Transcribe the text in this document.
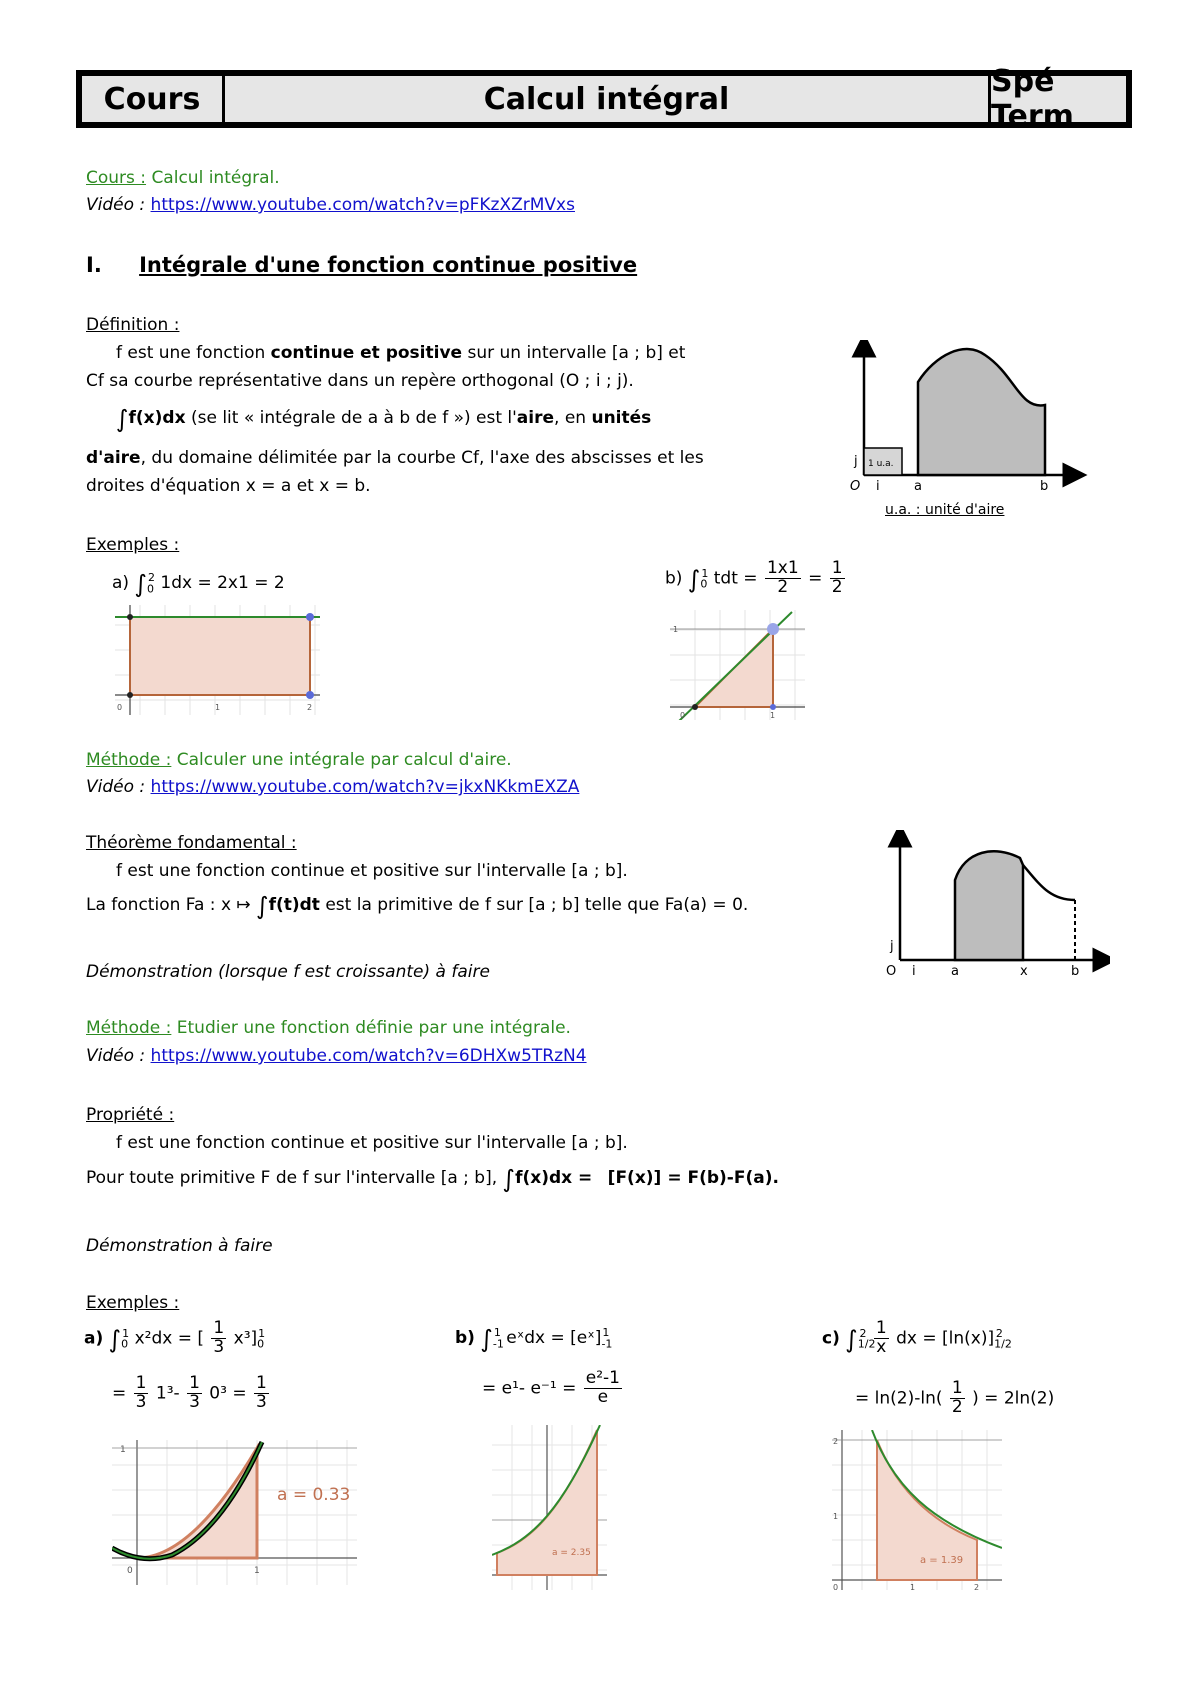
Cours	Calcul intégral	Spé Term
Cours : Calcul intégral.
Vidéo : https://www.youtube.com/watch?v=pFKzXZrMVxs
I. Intégrale d'une fonction continue positive
Définition :
f est une fonction continue et positive sur un intervalle [a ; b] et
Cf sa courbe représentative dans un repère orthogonal (O ; i ; j).
∫f(x)dx (se lit « intégrale de a à b de f ») est l'aire, en unités
d'aire, du domaine délimitée par la courbe Cf, l'axe des abscisses et les
droites d'équation x = a et x = b.
1 u.a.
O
j
i	a	b
u.a. : unité d'aire
Exemples :
a) $\int_0^2$ 1dx = 2x1 = 2	b) $\int_0^1$ tdt = $\frac{1x1}{2} = \frac{1}{2}$
0	1	2
0
1
1
Méthode : Calculer une intégrale par calcul d'aire.
Vidéo : https://www.youtube.com/watch?v=jkxNKkmEXZA
Théorème fondamental :
f est une fonction continue et positive sur l'intervalle [a ; b].
La fonction Fa : x ↦ ∫f(t)dt est la primitive de f sur [a ; b] telle que Fa(a) = 0.
O
j
i	a	x	b
Démonstration (lorsque f est croissante) à faire
Méthode : Etudier une fonction définie par une intégrale.
Vidéo : https://www.youtube.com/watch?v=6DHXw5TRzN4
Propriété :
f est une fonction continue et positive sur l'intervalle [a ; b].
Pour toute primitive F de f sur l'intervalle [a ; b], ∫f(x)dx = [F(x)] = F(b)-F(a).
Démonstration à faire
Exemples :
a) $\int_0^1$ x²dx = [ $\frac{1}{3} x^3]_0^1$
= $\frac{1}{3} 1^3- \frac{1}{3} 0^3 = \frac{1}{3}$
b) $\int_{-1}^1$ eˣdx = $[eˣ]_{-1}^1$
= e¹- $e^{-1} = \frac{\text{e²-1}}{e}$
c) $\int_{1/2}^2 \frac{1}{x}$ dx = $[\ln(x)]_{1/2}^2$
= $\ln(2)-\ln( \frac{1}{2}$ ) = 2ln(2)
a = 0.33
1
0	1
a = 2.35
a = 1.39
2
1
0	1	2
